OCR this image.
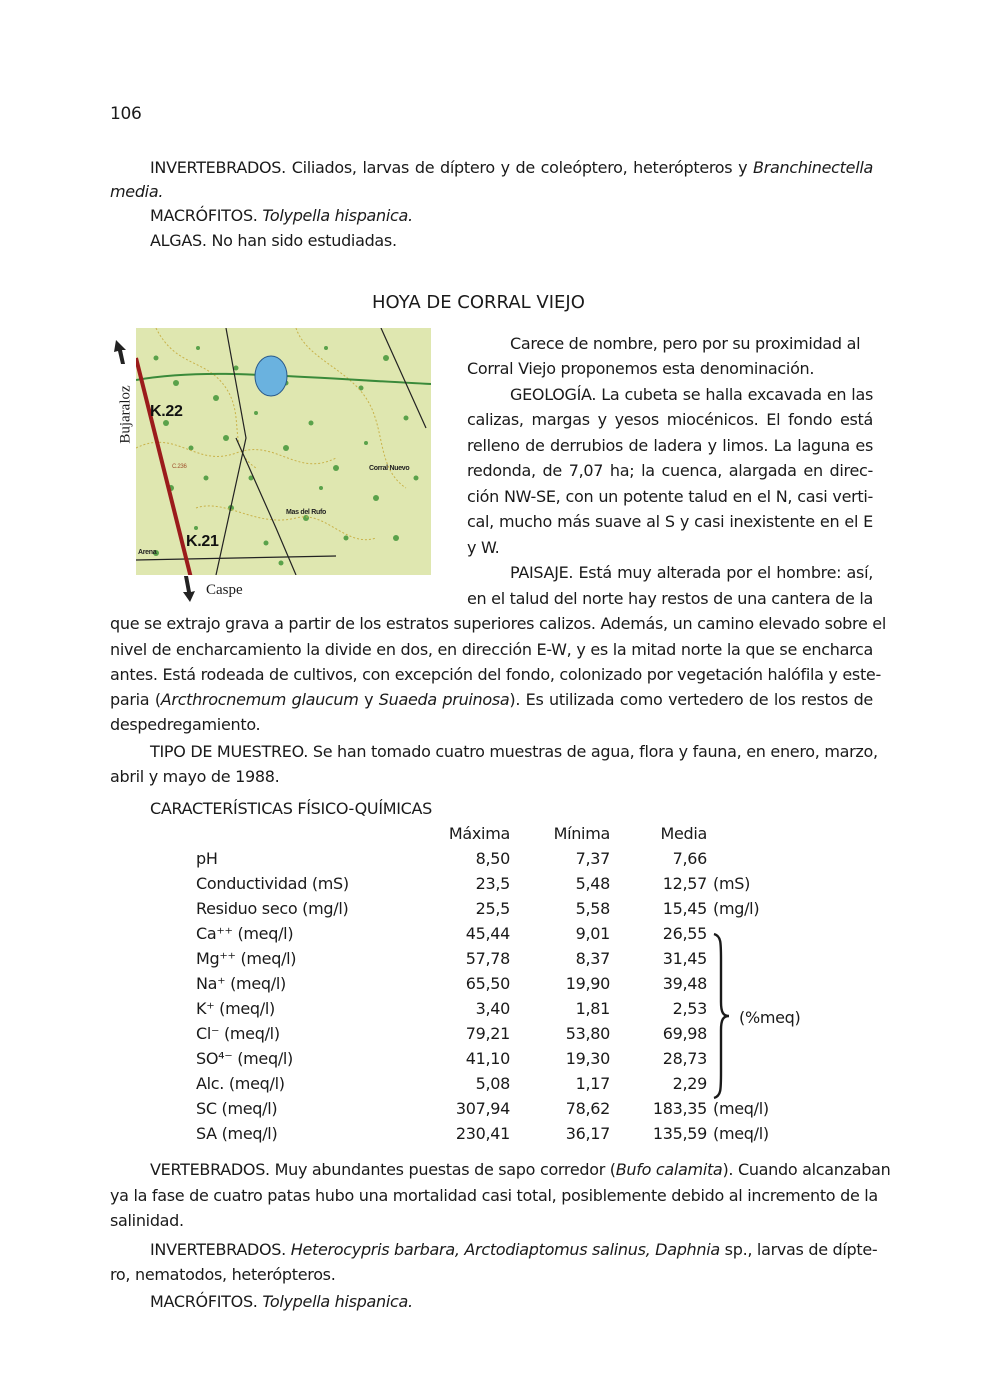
106
INVERTEBRADOS. Ciliados, larvas de díptero y de coleóptero, heterópteros y Branchinectella
media.
MACRÓFITOS. Tolypella hispanica.
ALGAS. No han sido estudiadas.
HOYA DE CORRAL VIEJO
K.22
K.21
Corral Nuevo
Mas del Rufo
C.236
Arena
Bujaraloz
Caspe
Carece de nombre, pero por su proximidad al
Corral Viejo proponemos esta denominación.
GEOLOGÍA. La cubeta se halla excavada en las
calizas, margas y yesos miocénicos. El fondo está
relleno de derrubios de ladera y limos. La laguna es
redonda, de 7,07 ha; la cuenca, alargada en direc-
ción NW-SE, con un potente talud en el N, casi verti-
cal, mucho más suave al S y casi inexistente en el E
y W.
PAISAJE. Está muy alterada por el hombre: así,
en el talud del norte hay restos de una cantera de la
que se extrajo grava a partir de los estratos superiores calizos. Además, un camino elevado sobre el
nivel de encharcamiento la divide en dos, en dirección E-W, y es la mitad norte la que se encharca
antes. Está rodeada de cultivos, con excepción del fondo, colonizado por vegetación halófila y este-
paria (Arcthrocnemum glaucum y Suaeda pruinosa). Es utilizada como vertedero de los restos de
despedregamiento.
TIPO DE MUESTREO. Se han tomado cuatro muestras de agua, flora y fauna, en enero, marzo,
abril y mayo de 1988.
CARACTERÍSTICAS FÍSICO-QUÍMICAS
	Máxima	Mínima	Media	
pH	8,50	7,37	7,66	
Conductividad (mS)	23,5	5,48	12,57	(mS)
Residuo seco (mg/l)	25,5	5,58	15,45	(mg/l)
Ca⁺⁺ (meq/l)	45,44	9,01	26,55	
Mg⁺⁺ (meq/l)	57,78	8,37	31,45	
Na⁺ (meq/l)	65,50	19,90	39,48	
K⁺ (meq/l)	3,40	1,81	2,53	
Cl⁻ (meq/l)	79,21	53,80	69,98	
SO⁴⁻ (meq/l)	41,10	19,30	28,73	
Alc. (meq/l)	5,08	1,17	2,29	
SC (meq/l)	307,94	78,62	183,35	(meq/l)
SA (meq/l)	230,41	36,17	135,59	(meq/l)
(%meq)
VERTEBRADOS. Muy abundantes puestas de sapo corredor (Bufo calamita). Cuando alcanzaban
ya la fase de cuatro patas hubo una mortalidad casi total, posiblemente debido al incremento de la
salinidad.
INVERTEBRADOS. Heterocypris barbara, Arctodiaptomus salinus, Daphnia sp., larvas de dípte-
ro, nematodos, heterópteros.
MACRÓFITOS. Tolypella hispanica.
